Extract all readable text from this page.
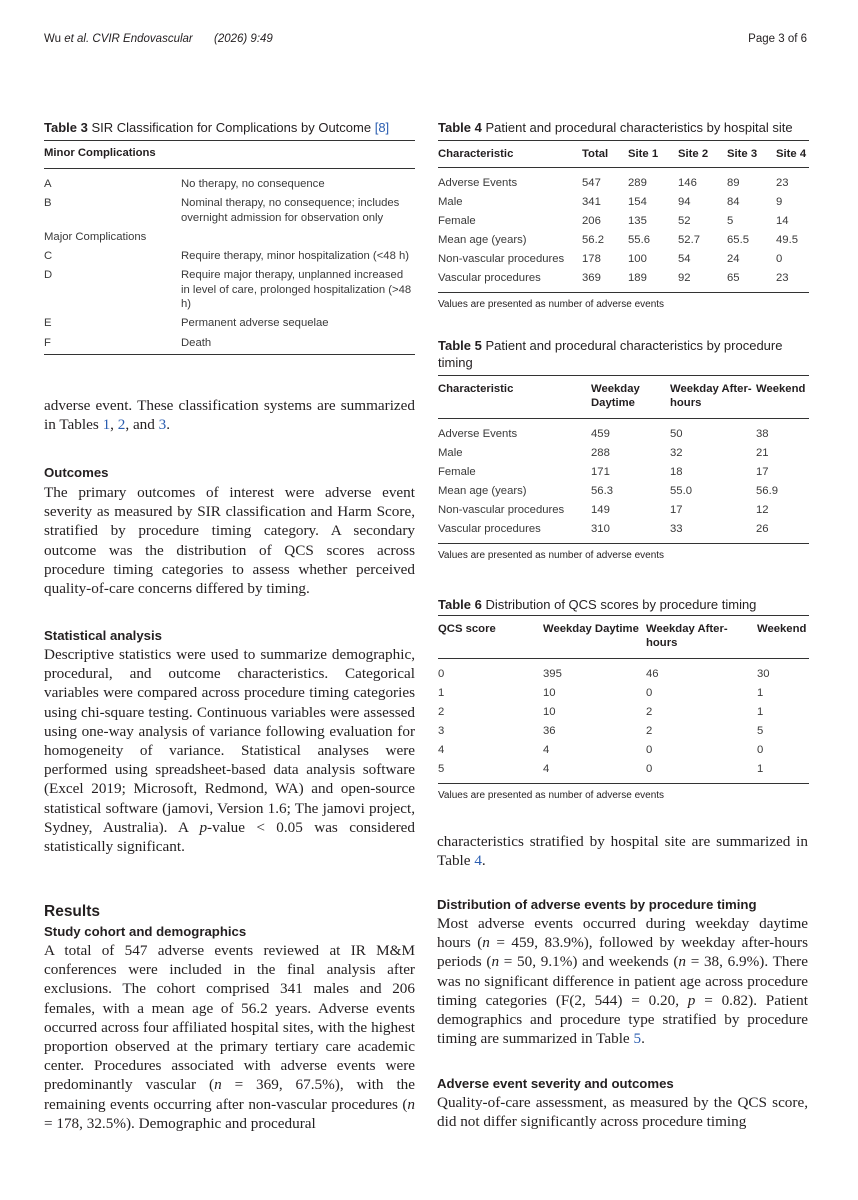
Wu et al. CVIR Endovascular (2026) 9:49	Page 3 of 6
Table 3 SIR Classification for Complications by Outcome [8]
Minor Complications
A	No therapy, no consequence
B	Nominal therapy, no consequence; includes overnight admission for observation only
Major Complications
C	Require therapy, minor hospitalization (<48 h)
D	Require major therapy, unplanned increased in level of care, prolonged hospitalization (>48 h)
E	Permanent adverse sequelae
F	Death
Table 4 Patient and procedural characteristics by hospital site
Characteristic	Total	Site 1	Site 2	Site 3	Site 4
Adverse Events	547	289	146	89	23
Male	341	154	94	84	9
Female	206	135	52	5	14
Mean age (years)	56.2	55.6	52.7	65.5	49.5
Non-vascular procedures	178	100	54	24	0
Vascular procedures	369	189	92	65	23
Values are presented as number of adverse events
Table 5 Patient and procedural characteristics by procedure timing
Characteristic	Weekday Daytime	Weekday After-hours	Weekend
Adverse Events	459	50	38
Male	288	32	21
Female	171	18	17
Mean age (years)	56.3	55.0	56.9
Non-vascular procedures	149	17	12
Vascular procedures	310	33	26
Values are presented as number of adverse events
Table 6 Distribution of QCS scores by procedure timing
QCS score	Weekday Daytime	Weekday After-hours	Weekend
0	395	46	30
1	10	0	1
2	10	2	1
3	36	2	5
4	4	0	0
5	4	0	1
Values are presented as number of adverse events
adverse event. These classification systems are summarized in Tables 1, 2, and 3.
Outcomes
The primary outcomes of interest were adverse event severity as measured by SIR classification and Harm Score, stratified by procedure timing category. A secondary outcome was the distribution of QCS scores across procedure timing categories to assess whether perceived quality-of-care concerns differed by timing.
Statistical analysis
Descriptive statistics were used to summarize demographic, procedural, and outcome characteristics. Categorical variables were compared across procedure timing categories using chi-square testing. Continuous variables were assessed using one-way analysis of variance following evaluation for homogeneity of variance. Statistical analyses were performed using spreadsheet-based data analysis software (Excel 2019; Microsoft, Redmond, WA) and open-source statistical software (jamovi, Version 1.6; The jamovi project, Sydney, Australia). A p-value < 0.05 was considered statistically significant.
Results
Study cohort and demographics
A total of 547 adverse events reviewed at IR M&M conferences were included in the final analysis after exclusions. The cohort comprised 341 males and 206 females, with a mean age of 56.2 years. Adverse events occurred across four affiliated hospital sites, with the highest proportion observed at the primary tertiary care academic center. Procedures associated with adverse events were predominantly vascular (n = 369, 67.5%), with the remaining events occurring after non-vascular procedures (n = 178, 32.5%). Demographic and procedural
characteristics stratified by hospital site are summarized in Table 4.
Distribution of adverse events by procedure timing
Most adverse events occurred during weekday daytime hours (n = 459, 83.9%), followed by weekday after-hours periods (n = 50, 9.1%) and weekends (n = 38, 6.9%). There was no significant difference in patient age across procedure timing categories (F(2, 544) = 0.20, p = 0.82). Patient demographics and procedure type stratified by procedure timing are summarized in Table 5.
Adverse event severity and outcomes
Quality-of-care assessment, as measured by the QCS score, did not differ significantly across procedure timing
